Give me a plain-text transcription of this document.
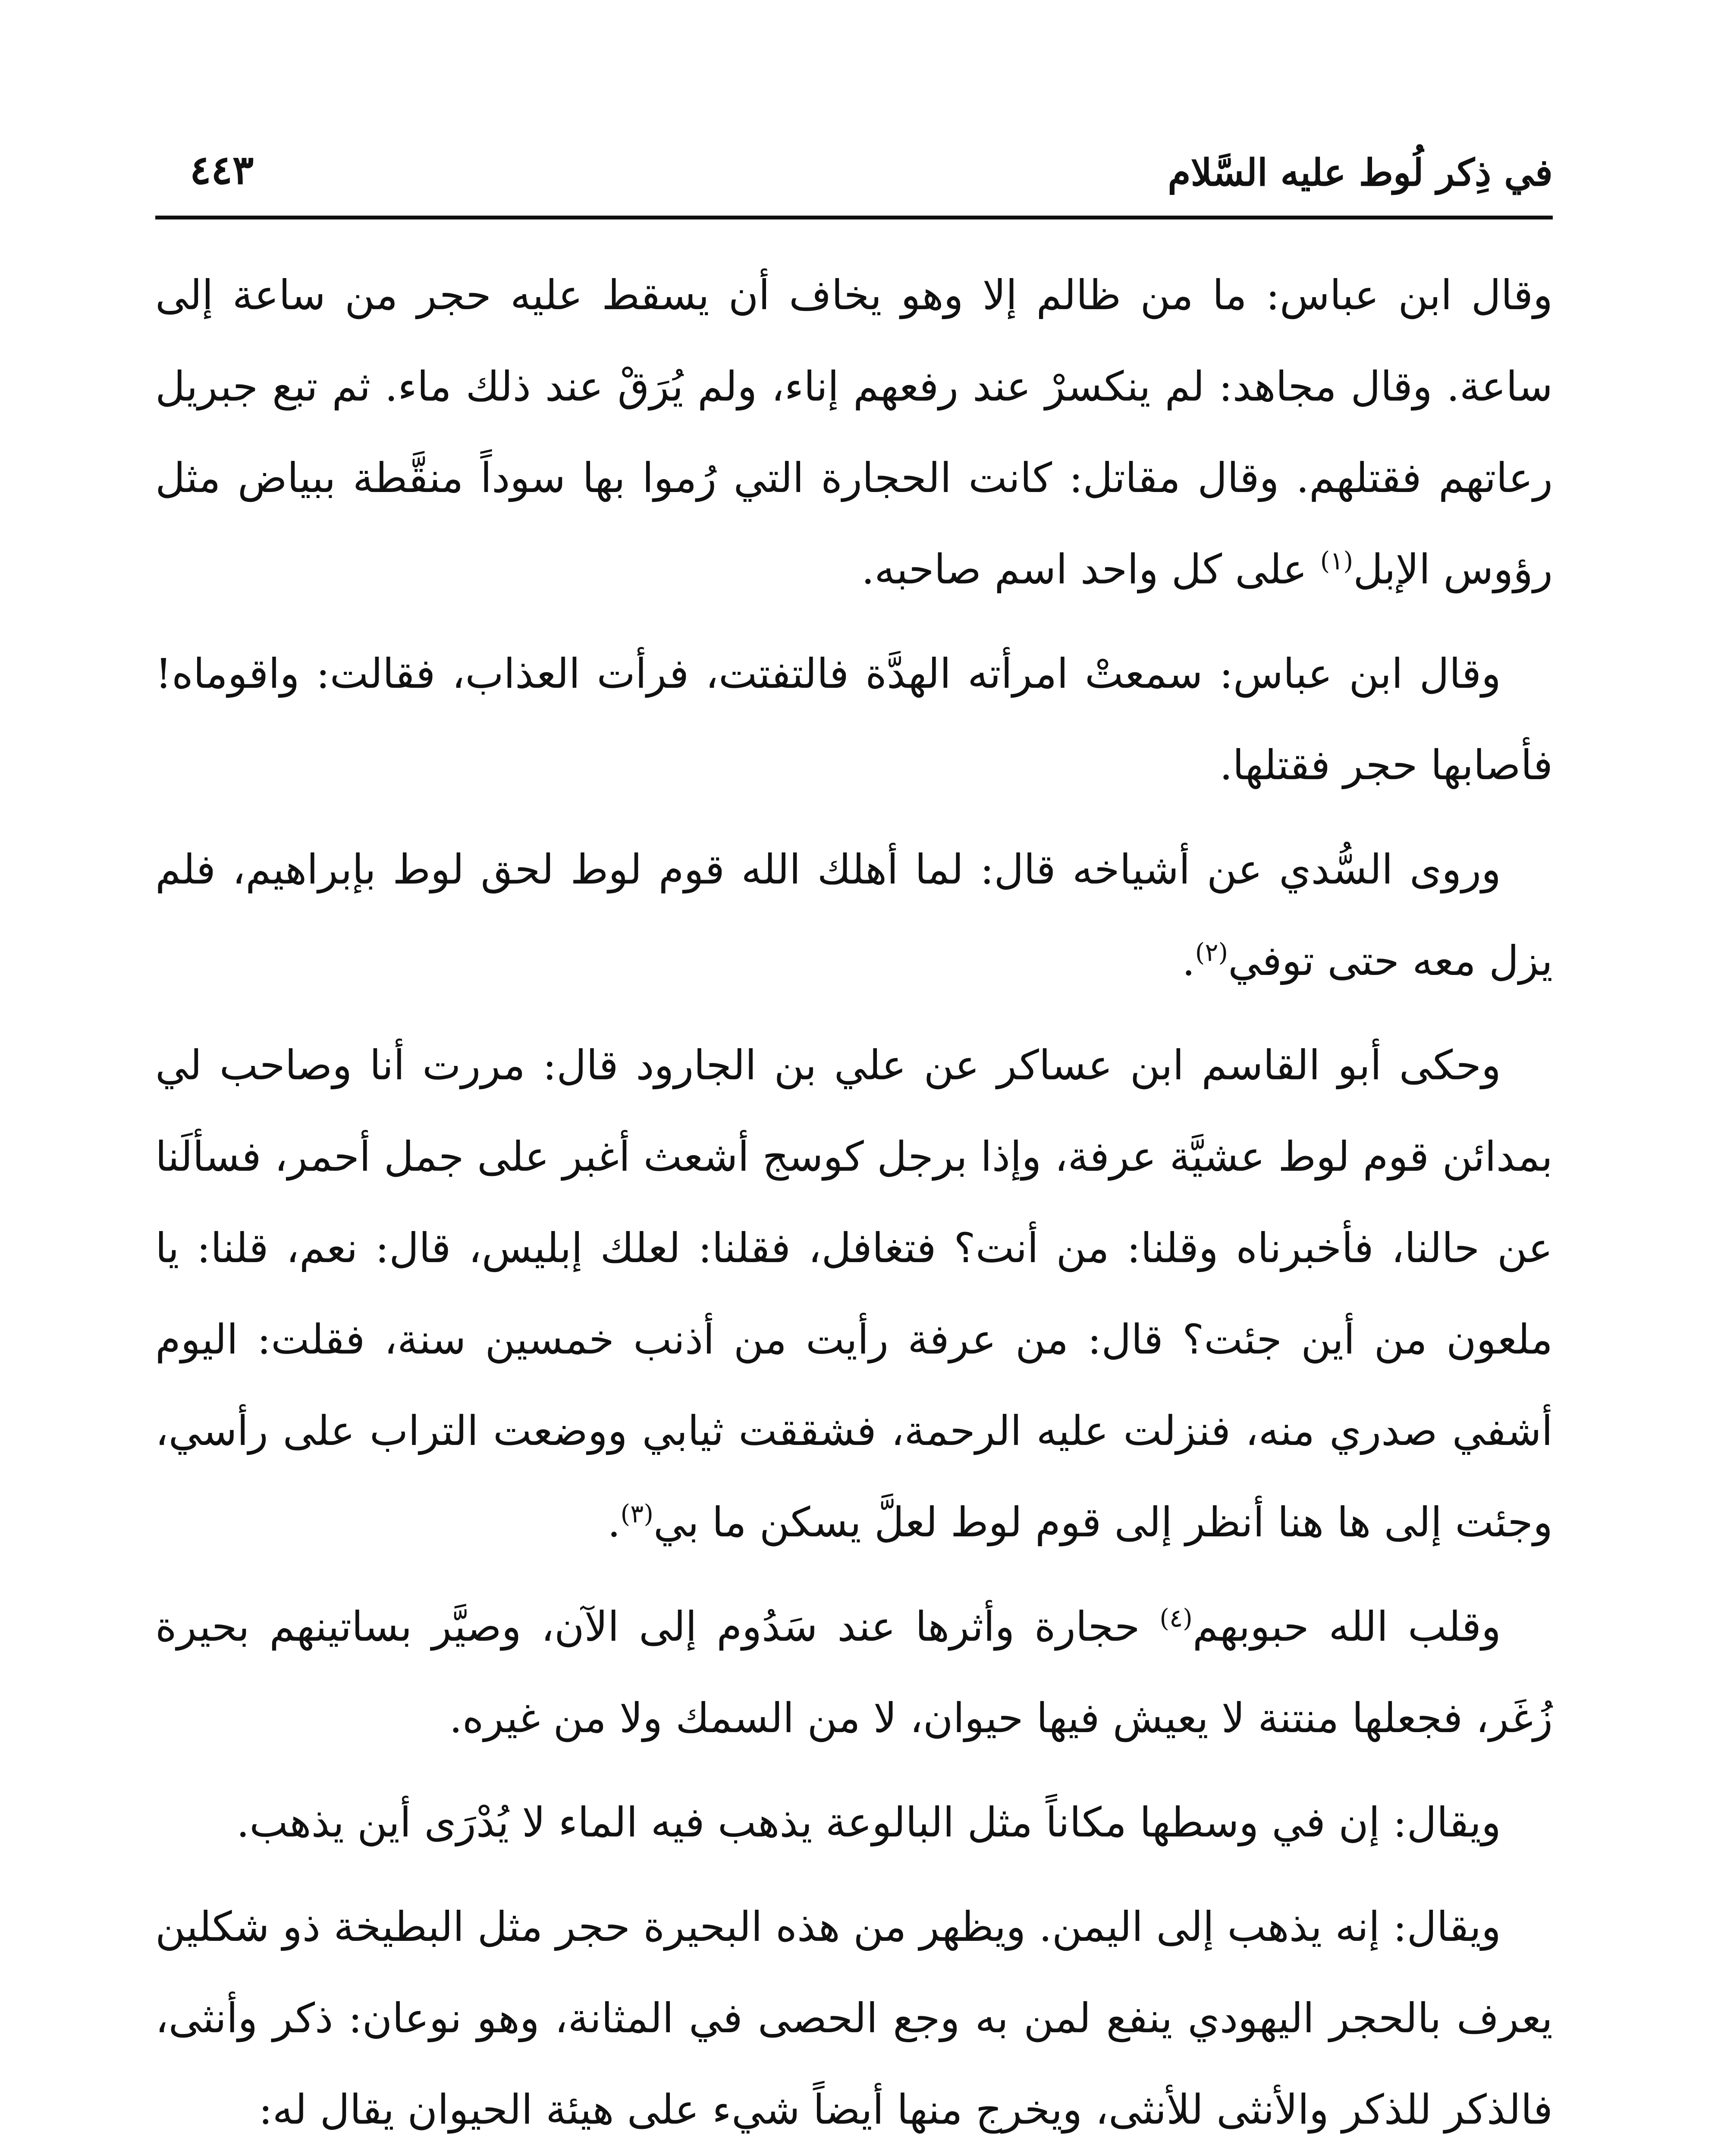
في ذِكر لُوط عليه السَّلام
٤٤٣

وقال ابن عباس: ما من ظالم إلا وهو يخاف أن يسقط عليه حجر من ساعة إلى ساعة. وقال مجاهد: لم ينكسرْ عند رفعهم إناء، ولم يُرَقْ عند ذلك ماء. ثم تبع جبريل رعاتهم فقتلهم. وقال مقاتل: كانت الحجارة التي رُموا بها سوداً منقَّطة ببياض مثل رؤوس الإبل$^{(١)}$ على كل واحد اسم صاحبه.

وقال ابن عباس: سمعتْ امرأته الهدَّة فالتفتت، فرأت العذاب، فقالت: واقوماه! فأصابها حجر فقتلها.

وروى السُّدي عن أشياخه قال: لما أهلك الله قوم لوط لحق لوط بإبراهيم، فلم يزل معه حتى توفي$^{(٢)}$.

وحكى أبو القاسم ابن عساكر عن علي بن الجارود قال: مررت أنا وصاحب لي بمدائن قوم لوط عشيَّة عرفة، وإذا برجل كوسج أشعث أغبر على جمل أحمر، فسألَنا عن حالنا، فأخبرناه وقلنا: من أنت؟ فتغافل، فقلنا: لعلك إبليس، قال: نعم، قلنا: يا ملعون من أين جئت؟ قال: من عرفة رأيت من أذنب خمسين سنة، فقلت: اليوم أشفي صدري منه، فنزلت عليه الرحمة، فشققت ثيابي ووضعت التراب على رأسي، وجئت إلى ها هنا أنظر إلى قوم لوط لعلَّ يسكن ما بي$^{(٣)}$.

وقلب الله حبوبهم$^{(٤)}$ حجارة وأثرها عند سَدُوم إلى الآن، وصيَّر بساتينهم بحيرة زُغَر، فجعلها منتنة لا يعيش فيها حيوان، لا من السمك ولا من غيره.

ويقال: إن في وسطها مكاناً مثل البالوعة يذهب فيه الماء لا يُدْرَى أين يذهب.

ويقال: إنه يذهب إلى اليمن. ويظهر من هذه البحيرة حجر مثل البطيخة ذو شكلين يعرف بالحجر اليهودي ينفع لمن به وجع الحصى في المثانة، وهو نوعان: ذكر وأنثى، فالذكر للذكر والأنثى للأنثى، ويخرج منها أيضاً شيء على هيئة الحيوان يقال له:
